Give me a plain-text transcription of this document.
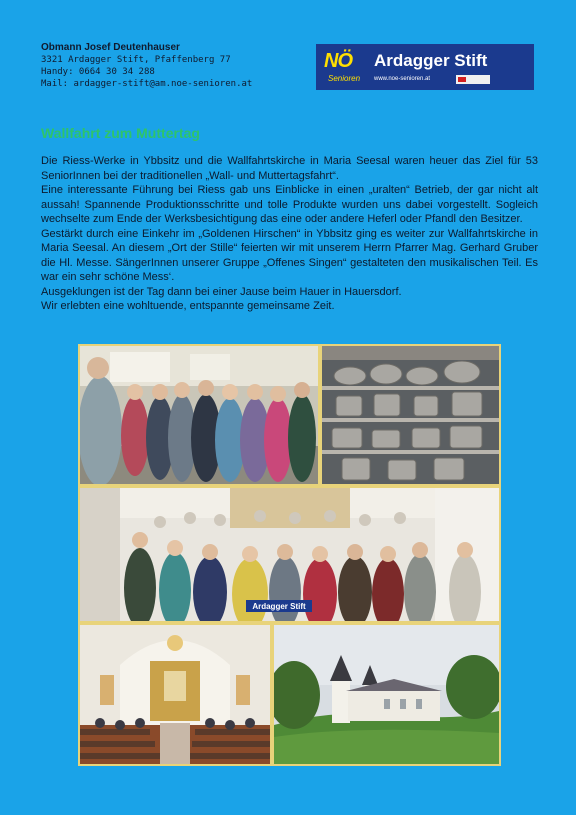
Obmann Josef Deutenhauser
3321 Ardagger Stift, Pfaffenberg 77
Handy: 0664 30 34 288
Mail: ardagger-stift@am.noe-senioren.at
NÖ
Senioren
Ardagger Stift
www.noe-senioren.at
Wallfahrt zum Muttertag

Die Riess-Werke in Ybbsitz und die Wallfahrtskirche in Maria Seesal waren heuer das Ziel für 53 SeniorInnen bei der traditionellen „Wall- und Muttertagsfahrt“.

Eine interessante Führung bei Riess gab uns Einblicke in einen „uralten“ Betrieb, der gar nicht alt aussah! Spannende Produktionsschritte und tolle Produkte wurden uns dabei vorgestellt. Sogleich wechselte zum Ende der Werksbesichtigung das eine oder andere Heferl oder Pfandl den Besitzer.

Gestärkt durch eine Einkehr im „Goldenen Hirschen“ in Ybbsitz ging es weiter zur Wallfahrtskirche in Maria Seesal. An diesem „Ort der Stille“ feierten wir mit unserem Herrn Pfarrer Mag. Gerhard Gruber die Hl. Messe. SängerInnen unserer Gruppe „Offenes Singen“ gestalteten den musikalischen Teil. Es war ein sehr schöne Mess‘.

Ausgeklungen ist der Tag dann bei einer Jause beim Hauer in Hauersdorf.

Wir erlebten eine wohltuende, entspannte gemeinsame Zeit.

Ardagger Stift
